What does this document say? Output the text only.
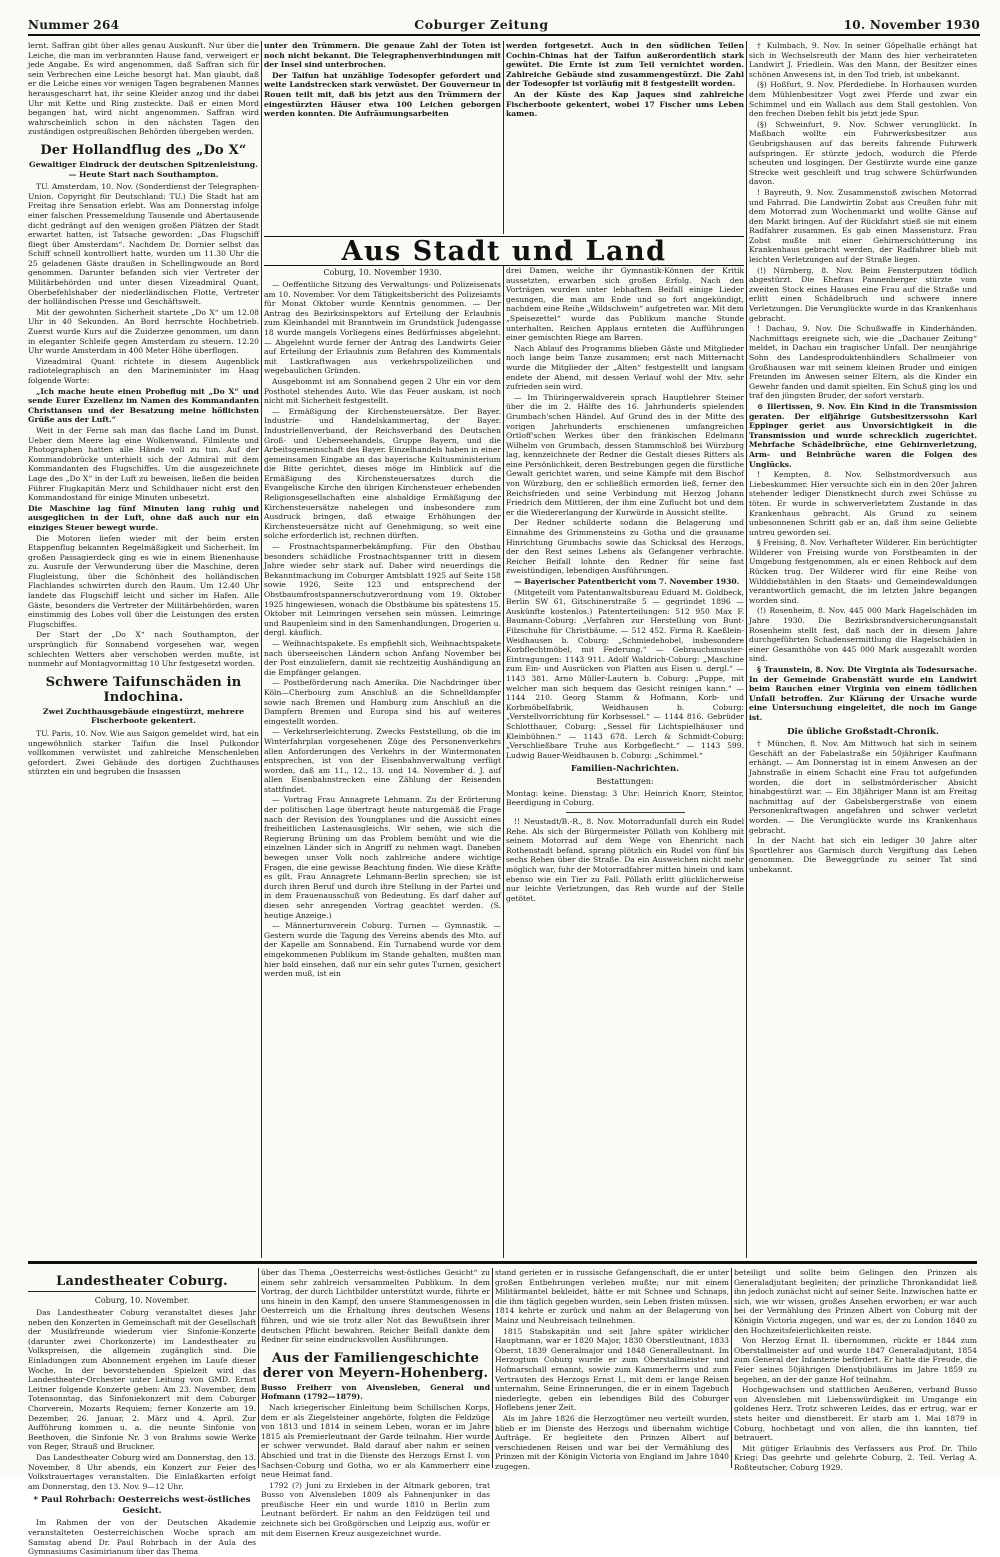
Nummer 264	Coburger Zeitung	10. November 1930

lernt. Saffran gibt über alles genau Auskunft. Nur über die Leiche, die man im verbrannten Hause fand, verweigert er jede Angabe. Es wird angenommen, daß Saffran sich für sein Verbrechen eine Leiche besorgt hat. Man glaubt, daß er die Leiche eines vor wenigen Tagen begrabenen Mannes herausgescharrt hat, ihr seine Kleider anzog und ihr dabei Uhr mit Kette und Ring zusteckte. Daß er einen Mord begangen hat, wird nicht angenommen. Saffran wird wahrscheinlich schon in den nächsten Tagen den zuständigen ostpreußischen Behörden übergeben werden.

Der Hollandflug des „Do X“
Gewaltiger Eindruck der deutschen Spitzenleistung. — Heute Start nach Southampton.

TU. Amsterdam, 10. Nov. (Sonderdienst der Telegraphen-Union. Copyright für Deutschland: TU.) Die Stadt hat am Freitag ihre Sensation erlebt. Was am Donnerstag infolge einer falschen Pressemeldung Tausende und Abertausende dicht gedrängt auf den wenigen großen Plätzen der Stadt erwartet hatten, ist Tatsache geworden: „Das Flugschiff fliegt über Amsterdam“. Nachdem Dr. Dornier selbst das Schiff schnell kontrolliert hatte, wurden um 11.30 Uhr die 25 geladenen Gäste draußen in Schellingwoude an Bord genommen. Darunter befanden sich vier Vertreter der Militärbehörden und unter diesen Vizeadmiral Quant, Oberbefehlshaber der niederländischen Flotte, Vertreter der holländischen Presse und Geschäftswelt.

Mit der gewohnten Sicherheit startete „Do X“ um 12.08 Uhr in 40 Sekunden. An Bord herrschte Hochbetrieb. Zuerst wurde Kurs auf die Zuiderzee genommen, um dann in eleganter Schleife gegen Amsterdam zu steuern. 12.20 Uhr wurde Amsterdam in 400 Meter Höhe überflogen.

Vizeadmiral Quant richtete in diesem Augenblick radiotelegraphisch an den Marineminister im Haag folgende Worte:

„Ich mache heute einen Probeflug mit „Do X“ und sende Eurer Exzellenz im Namen des Kommandanten Christiansen und der Besatzung meine höflichsten Grüße aus der Luft.“

Weit in der Ferne sah man das flache Land im Dunst. Ueber dem Meere lag eine Wolkenwand. Filmleute und Photographen hatten alle Hände voll zu tun. Auf der Kommandobrücke unterhielt sich der Admiral mit dem Kommandanten des Flugschiffes. Um die ausgezeichnete Lage des „Do X“ in der Luft zu beweisen, ließen die beiden Führer Flugkapitän Merz und Schildhauer nicht erst den Kommandostand für einige Minuten unbesetzt.

Die Maschine lag fünf Minuten lang ruhig und ausgeglichen in der Luft, ohne daß auch nur ein einziges Steuer bewegt wurde.

Die Motoren liefen wieder mit der beim ersten Etappenflug bekannten Regelmäßigkeit und Sicherheit. Im großen Passagierdeck ging es wie in einem Bienenhause zu. Ausrufe der Verwunderung über die Maschine, deren Flugleistung, über die Schönheit des holländischen Flachlandes schwirrten durch den Raum. Um 12.40 Uhr landete das Flugschiff leicht und sicher im Hafen. Alle Gäste, besonders die Vertreter der Militärbehörden, waren einstimmig des Lobes voll über die Leistungen des ersten Flugschiffes.

Der Start der „Do X“ nach Southampton, der ursprünglich für Sonnabend vorgesehen war, wegen schlechten Wetters aber verschoben werden mußte, ist nunmehr auf Montagvormittag 10 Uhr festgesetzt worden.

Schwere Taifunschäden in Indochina.
Zwei Zuchthausgebäude eingestürzt, mehrere Fischerboote gekentert.

TU. Paris, 10. Nov. Wie aus Saigon gemeldet wird, hat ein ungewöhnlich starker Taifun die Insel Pulkondor vollkommen verwüstet und zahlreiche Menschenleben gefordert. Zwei Gebäude des dortigen Zuchthauses stürzten ein und begruben die Insassen

unter den Trümmern. Die genaue Zahl der Toten ist noch nicht bekannt. Die Telegraphenverbindungen mit der Insel sind unterbrochen.

Der Taifun hat unzählige Todesopfer gefordert und weite Landstrecken stark verwüstet. Der Gouverneur in Rouen teilt mit, daß bis jetzt aus den Trümmern der eingestürzten Häuser etwa 100 Leichen geborgen werden konnten. Die Aufräumungsarbeiten

werden fortgesetzt. Auch in den südlichen Teilen Cochin-Chinas hat der Taifun außerordentlich stark gewütet. Die Ernte ist zum Teil vernichtet worden. Zahlreiche Gebäude sind zusammengestürzt. Die Zahl der Todesopfer ist vorläufig mit 8 festgestellt worden.

An der Küste des Kap Jaques sind zahlreiche Fischerboote gekentert, wobei 17 Fischer ums Leben kamen.

Aus Stadt und Land
Coburg, 10. November 1930.

— Oeffentliche Sitzung des Verwaltungs- und Polizeisenats am 10. November. Vor dem Tätigkeitsbericht des Polizeiamts für Monat Oktober wurde Kenntnis genommen. — Der Antrag des Bezirksinspektors auf Erteilung der Erlaubnis zum Kleinhandel mit Branntwein im Grundstück Judengasse 18 wurde mangels Vorliegens eines Bedürfnisses abgelehnt. — Abgelehnt wurde ferner der Antrag des Landwirts Geier auf Erteilung der Erlaubnis zum Befahren des Kummentals mit Lastkraftwagen aus verkehrspolizeilichen und wegebaulichen Gründen.

Ausgebommt ist am Sonnabend gegen 2 Uhr ein vor dem Posthotel stehendes Auto. Wie das Feuer auskam, ist noch nicht mit Sicherheit festgestellt.

— Ermäßigung der Kirchensteuersätze. Der Bayer. Industrie- und Handelskammertag, der Bayer. Industriellenverband, der Reichsverband des Deutschen Groß- und Ueberseehandels, Gruppe Bayern, und die Arbeitsgemeinschaft des Bayer. Einzelhandels haben in einer gemeinsamen Eingabe an das bayerische Kultusministerium die Bitte gerichtet, dieses möge im Hinblick auf die Ermäßigung des Kirchensteuersatzes durch die Evangelische Kirche den übrigen Kirchensteuer erhebenden Religionsgesellschaften eine alsbaldige Ermäßigung der Kirchensteuersätze nahelegen und insbesondere zum Ausdruck bringen, daß etwaige Erhöhungen der Kirchensteuersätze nicht auf Genehmigung, so weit eine solche erforderlich ist, rechnen dürften.

— Frostnachtspannerbekämpfung. Für den Obstbau besonders schädliche Frostnachtspanner tritt in diesem Jahre wieder sehr stark auf. Daher wird neuerdings die Bekanntmachung im Coburger Amtsblatt 1925 auf Seite 158 sowie 1926, Seite 123 und entsprechend der Obstbaumfrostspannerschutzverordnung vom 19. Oktober 1925 hingewiesen, wonach die Obstbäume bis spätestens 15. Oktober mit Leimringen versehen sein müssen. Leimringe und Raupenleim sind in den Samenhandlungen, Drogerien u. dergl. käuflich.

— Weihnachtspakete. Es empfiehlt sich, Weihnachtspakete nach überseeischen Ländern schon Anfang November bei der Post einzuliefern, damit sie rechtzeitig Aushändigung an die Empfänger gelangen.

— Postbeförderung nach Amerika. Die Nachdringer über Köln—Cherbourg zum Anschluß an die Schnelldampfer sowie nach Bremen und Hamburg zum Anschluß an die Dampfern Bremen und Europa sind bis auf weiteres eingestellt worden.

— Verkehrserleichterung. Zwecks Feststellung, ob die im Winterfahrplan vorgesehenen Züge des Personenverkehrs allen Anforderungen des Verkehrs in der Wintermonaten entsprechen, ist von der Eisenbahnverwaltung verfügt worden, daß am 11., 12., 13. und 14. November d. J. auf allen Eisenbahnstrecken eine Zählung der Reisenden stattfindet.

— Vortrag Frau Annagrete Lehmann. Zu der Erörterung der politischen Lage übertragt heute naturgemäß die Frage nach der Revision des Youngplanes und die Aussicht eines freiheitlichen Lastenausgleichs. Wir sehen, wie sich die Regierung Brüning um das Problem bemüht und wie die einzelnen Länder sich in Angriff zu nehmen wagt. Daneben bewegen unser Volk noch zahlreiche andere wichtige Fragen, die eine gewisse Beachtung finden. Wie diese Kräfte es gilt, Frau Annagrete Lehmann-Berlin sprechen; sie ist durch ihren Beruf und durch ihre Stellung in der Partei und in dem Frauenausschuß von Bedeutung. Es darf daher auf diesen sehr anregenden Vortrag geachtet werden. (S. heutige Anzeige.)

— Männerturnverein Coburg. Turnen — Gymnastik. — Gestern wurde die Tagung des Vereins abends des Mto. auf der Kapelle am Sonnabend. Ein Turnabend wurde vor dem eingekommenen Publikum im Stande gehalten, mußten man hier bald einsehen, daß nur ein sehr gutes Turnen, gesichert werden muß, ist ein

drei Damen, welche ihr Gymnastik-Können der Kritik aussetzten, erwarben sich großen Erfolg. Nach den Vorträgen wurden unter lebhaftem Beifall einige Lieder gesungen, die man am Ende und so fort angekündigt, nachdem eine Reihe „Wildschwein“ aufgetreten war. Mit dem „Speisezettel“ wurde das Publikum manche Stunde unterhalten. Reichen Applaus ernteten die Aufführungen einer gemischten Riege am Barren.

Nach Ablauf des Programms blieben Gäste und Mitglieder noch lange beim Tanze zusammen; erst nach Mitternacht wurde die Mitglieder der „Alten“ festgestellt und langsam endete der Abend, mit dessen Verlauf wohl der Mtv. sehr zufrieden sein wird.

— Im Thüringerwaldverein sprach Hauptlehrer Steiner über die im 2. Hälfte des 16. Jahrhunderts spielenden Grumbach'schen Händel. Auf Grund des in der Mitte des vorigen Jahrhunderts erschienenen umfangreichen Ortloff'schen Werkes über den fränkischen Edelmann Wilhelm von Grumbach, dessen Stammschloß bei Würzburg lag, kennzeichnete der Redner die Gestalt dieses Ritters als eine Persönlichkeit, deren Bestrebungen gegen die fürstliche Gewalt gerichtet waren, und seine Kämpfe mit dem Bischof von Würzburg, den er schließlich ermorden ließ, ferner den Reichsfrieden und seine Verbindung mit Herzog Johann Friedrich dem Mittleren, der ihm eine Zuflucht bot und dem er die Wiedererlangung der Kurwürde in Aussicht stellte.

Der Redner schilderte sodann die Belagerung und Einnahme des Grimmensteins zu Gotha und die grausame Hinrichtung Grumbachs sowie das Schicksal des Herzogs, der den Rest seines Lebens als Gefangener verbrachte. Reicher Beifall lohnte den Redner für seine fast zweistündigen, lebendigen Ausführungen.

— Bayerischer Patentbericht vom 7. November 1930.

(Mitgeteilt vom Patentanwaltsbureau Eduard M. Goldbeck, Berlin SW 61, Gitschinerstraße 5 — gegründet 1896 — Auskünfte kostenlos.) Patenterteilungen: 512 950 Max F. Baumann-Coburg: „Verfahren zur Herstellung von Bunt-Filzschuhe für Christbäume. — 512 452. Firma R. Kaeßlein-Weidhausen b. Coburg: „Schmiedehobel, insbesondere Korbflechtmöbel, mit Federung.“ — Gebrauchsmuster-Eintragungen: 1143 911. Adolf Waldrich-Coburg: „Maschine zum Ein- und Ausrücken von Platten aus Eisen u. dergl.“ — 1143 381. Arno Müller-Lautern b. Coburg: „Puppe, mit welcher man sich bequem das Gesicht reinigen kann.“ — 1144 210. Georg Stamm & Hofmann, Korb- und Korbmöbelfabrik, Weidhausen b. Coburg: „Verstellvorrichtung für Korbsessel.“ — 1144 816. Gebrüder Schlotthauer, Coburg: „Sessel für Lichtspielhäuser und Kleinbühnen.“ — 1143 678. Lerch & Schmidt-Coburg: „Verschließbare Truhe aus Korbgeflecht.“ — 1143 599. Ludwig Bauer-Weidhausen b. Coburg: „Schimmel.“

Familien-Nachrichten.
Bestattungen:

Montag: keine. Dienstag: 3 Uhr: Heinrich Knorr, Steintor, Beerdigung in Coburg.

!! Neustadt/B.-R., 8. Nov. Motorradunfall durch ein Rudel Rehe. Als sich der Bürgermeister Pöllath von Kohlberg mit seinem Motorrad auf dem Wege von Ehenricht nach Rothenstadt befand, sprang plötzlich ein Rudel von fünf bis sechs Rehen über die Straße. Da ein Ausweichen nicht mehr möglich war, fuhr der Motorradfahrer mitten hinein und kam ebenso wie ein Tier zu Fall. Pöllath erlitt glücklicherweise nur leichte Verletzungen, das Reh wurde auf der Stelle getötet.

† Kulmbach, 9. Nov. In seiner Göpelhalle erhängt hat sich in Wechselsreuth der Mann des hier verheirateten Landwirt J. Friedlein. Was den Mann, der Besitzer eines schönen Anwesens ist, in den Tod trieb, ist unbekannt.

(§) Hoßfurt, 9. Nov. Pferdediebe. In Horhausen wurden dem Mühlenbesitzer Vogt zwei Pferde und zwar ein Schimmel und ein Wallach aus dem Stall gestohlen. Von den frechen Dieben fehlt bis jetzt jede Spur.

(§) Schweinfurt, 9. Nov. Schwer verunglückt. In Maßbach wollte ein Fuhrwerksbesitzer aus Geubrigshausen auf das bereits fahrende Fuhrwerk aufspringen. Er stürzte jedoch, wodurch die Pferde scheuten und losgingen. Der Gestürzte wurde eine ganze Strecke weit geschleift und trug schwere Schürfwunden davon.

! Bayreuth, 9. Nov. Zusammenstoß zwischen Motorrad und Fahrrad. Die Landwirtin Zobst aus Creußen fuhr mit dem Motorrad zum Wochenmarkt und wollte Gänse auf den Markt bringen. Auf der Rückfahrt stieß sie mit einem Radfahrer zusammen. Es gab einen Massensturz. Frau Zobst mußte mit einer Gehirnerschütterung ins Krankenhaus gebracht werden, der Radfahrer blieb mit leichten Verletzungen auf der Straße liegen.

(!) Nürnberg, 8. Nov. Beim Fensterputzen tödlich abgestürzt. Die Ehefrau Pannenberger stürzte vom zweiten Stock eines Hauses eine Frau auf die Straße und erlitt einen Schädelbruch und schwere innere Verletzungen. Die Verunglückte wurde in das Krankenhaus gebracht.

! Dachau, 9. Nov. Die Schußwaffe in Kinderhänden. Nachmittags ereignete sich, wie die „Dachauer Zeitung“ meldet, in Dachau ein tragischer Unfall. Der neunjährige Sohn des Landesproduktenhändlers Schallmeier von Großhausen war mit seinem kleinen Bruder und einigen Freunden im Anwesen seiner Eltern, als die Kinder ein Gewehr fanden und damit spielten. Ein Schuß ging los und traf den jüngsten Bruder, der sofort verstarb.

⊙ Illertissen, 9. Nov. Ein Kind in die Transmission geraten. Der elfjährige Gutsbesitzerssohn Karl Eppinger geriet aus Unvorsichtigkeit in die Transmission und wurde schrecklich zugerichtet. Mehrfache Schädelbrüche, eine Gehirnverletzung, Arm- und Beinbrüche waren die Folgen des Unglücks.

! Kempten, 8. Nov. Selbstmordversuch aus Liebeskummer. Hier versuchte sich ein in den 20er Jahren stehender lediger Dienstknecht durch zwei Schüsse zu töten. Er wurde in schwerverletztem Zustande in das Krankenhaus gebracht. Als Grund zu seinem unbesonnenen Schritt gab er an, daß ihm seine Geliebte untreu geworden sei.

§ Freising, 8. Nov. Verhafteter Wilderer. Ein berüchtigter Wilderer von Freising wurde von Forstbeamten in der Umgebung festgenommen, als er einen Rehbock auf dem Rücken trug. Der Wilderer wird für eine Reihe von Wilddiebstählen in den Staats- und Gemeindewaldungen verantwortlich gemacht, die im letzten Jahre begangen worden sind.

(!) Rosenheim, 8. Nov. 445 000 Mark Hagelschäden im Jahre 1930. Die Bezirksbrandversicherungsanstalt Rosenheim stellt fest, daß nach der in diesem Jahre durchgeführten Schadensermittlung die Hagelschäden in einer Gesamthöhe von 445 000 Mark ausgezahlt worden sind.

§ Traunstein, 8. Nov. Die Virginia als Todesursache. In der Gemeinde Grabenstätt wurde ein Landwirt beim Rauchen einer Virginia von einem tödlichen Unfall betroffen. Zur Klärung der Ursache wurde eine Untersuchung eingeleitet, die noch im Gange ist.

Die übliche Großstadt-Chronik.

† München, 8. Nov. Am Mittwoch hat sich in seinem Geschäft an der Fabelastraße ein 50jähriger Kaufmann erhängt. — Am Donnerstag ist in einem Anwesen an der Jahnstraße in einem Schacht eine Frau tot aufgefunden worden, die dort in selbstmörderischer Absicht hinabgestürzt war. — Ein 38jähriger Mann ist am Freitag nachmittag auf der Gabelsbergerstraße von einem Personenkraftwagen angefahren und schwer verletzt worden. — Die Verunglückte wurde ins Krankenhaus gebracht.

In der Nacht hat sich ein lediger 30 Jahre alter Sportlehrer aus Garmisch durch Vergiftung das Leben genommen. Die Beweggründe zu seiner Tat sind unbekannt.

Landestheater Coburg.
Coburg, 10. November.

Das Landestheater Coburg veranstaltet dieses Jahr neben den Konzerten in Gemeinschaft mit der Gesellschaft der Musikfreunde wiederum vier Sinfonie-Konzerte (darunter zwei Chorkonzerte) im Landestheater zu Volkspreisen, die allgemein zugänglich sind. Die Einladungen zum Abonnement ergehen im Laufe dieser Woche. In der bevorstehenden Spielzeit wird das Landestheater-Orchester unter Leitung von GMD. Ernst Leitner folgende Konzerte geben: Am 23. November, dem Totensonntag, das Sinfoniekonzert mit dem Coburger Chorverein, Mozarts Requiem; ferner Konzerte am 19. Dezember, 26. Januar, 2. März und 4. April. Zur Aufführung kommen u. a. die neunte Sinfonie von Beethoven, die Sinfonie Nr. 3 von Brahms sowie Werke von Reger, Strauß und Bruckner.

Das Landestheater Coburg wird am Donnerstag, den 13. November, 8 Uhr abends, ein Konzert zur Feier des Volkstrauertages veranstalten. Die Einlaßkarten erfolgt am Donnerstag, den 13. Nov. 9—12 Uhr.

* Paul Rohrbach: Oesterreichs west-östliches Gesicht.

Im Rahmen der von der Deutschen Akademie veranstalteten Oesterreichischen Woche sprach am Samstag abend Dr. Paul Rohrbach in der Aula des Gymnasiums Casimirianum über das Thema

über das Thema „Oesterreichs west-östliches Gesicht“ zu einem sehr zahlreich versammelten Publikum. In dem Vortrag, der durch Lichtbilder unterstützt wurde, führte er uns hinein in den Kampf, den unsere Stammesgenossen in Oesterreich um die Erhaltung ihres deutschen Wesens führen, und wie sie trotz aller Not das Bewußtsein ihrer deutschen Pflicht bewahren. Reicher Beifall dankte dem Redner für seine eindrucksvollen Ausführungen.

Aus der Familiengeschichte derer von Meyern-Hohenberg.

Busso Freiherr von Alvensleben, General und Hofmann (1792—1879).

Nach kriegerischer Einleitung beim Schillschen Korps, dem er als Ziegelsteiner angehörte, folgten die Feldzüge von 1813 und 1814 in seinem Leben, woran er im Jahre 1815 als Premierleutnant der Garde teilnahm. Hier wurde er schwer verwundet. Bald darauf aber nahm er seinen Abschied und trat in die Dienste des Herzogs Ernst I. von Sachsen-Coburg und Gotha, wo er als Kammerherr eine neue Heimat fand.

1792 (?) Juni zu Erxleben in der Altmark geboren, trat Busso von Alvensleben 1809 als Fahnenjunker in das preußische Heer ein und wurde 1810 in Berlin zum Leutnant befördert. Er nahm an den Feldzügen teil und zeichnete sich bei Großgörschen und Leipzig aus, wofür er mit dem Eisernen Kreuz ausgezeichnet wurde.

stand gerieten er in russische Gefangenschaft, die er unter großen Entbehrungen verleben mußte; nur mit einem Militärmantel bekleidet, hätte er mit Schnee und Schnaps, die ihm täglich gegeben wurden, sein Leben fristen müssen. 1814 kehrte er zurück und nahm an der Belagerung von Mainz und Neubreisach teilnehmen.

1815 Stabskapitän und seit Jahre später wirklicher Hauptmann, war er 1820 Major, 1830 Oberstleutnant, 1833 Oberst, 1839 Generalmajor und 1848 Generalleutnant. Im Herzogtum Coburg wurde er zum Oberstallmeister und Hofmarschall ernannt, sowie zum Kammerherrn und zum Vertrauten des Herzogs Ernst I., mit dem er lange Reisen unternahm. Seine Erinnerungen, die er in einem Tagebuch niederlegte, geben ein lebendiges Bild des Coburger Hoflebens jener Zeit.

Als im Jahre 1826 die Herzogtümer neu verteilt wurden, blieb er im Dienste des Herzogs und übernahm wichtige Aufträge. Er begleitete den Prinzen Albert auf verschiedenen Reisen und war bei der Vermählung des Prinzen mit der Königin Victoria von England im Jahre 1840 zugegen.

beteiligt und sollte beim Gelingen den Prinzen als Generaladjutant begleiten; der prinzliche Thronkandidat ließ ihn jedoch zunächst nicht auf seiner Seite. Inzwischen hatte er sich, wie wir wissen, großes Ansehen erworben; er war auch bei der Vermählung des Prinzen Albert von Coburg mit der Königin Victoria zugegen, und war es, der zu London 1840 zu den Hochzeitsfeierlichkeiten reiste.

Von Herzog Ernst II. übernommen, rückte er 1844 zum Oberstallmeister auf und wurde 1847 Generaladjutant, 1854 zum General der Infanterie befördert. Er hatte die Freude, die Feier seines 50jährigen Dienstjubiläums im Jahre 1859 zu begehen, an der der ganze Hof teilnahm.

Hochgewachsen und stattlichen Aeußeren, verband Busso von Alvensleben mit Liebenswürdigkeit im Umgange ein goldenes Herz. Trotz schweren Leides, das er ertrug, war er stets heiter und dienstbereit. Er starb am 1. Mai 1879 in Coburg, hochbetagt und von allen, die ihn kannten, tief betrauert.

Mit gütiger Erlaubnis des Verfassers aus Prof. Dr. Thilo Krieg: Das geehrte und gelehrte Coburg, 2. Teil. Verlag A. Roßteutscher, Coburg 1929.
